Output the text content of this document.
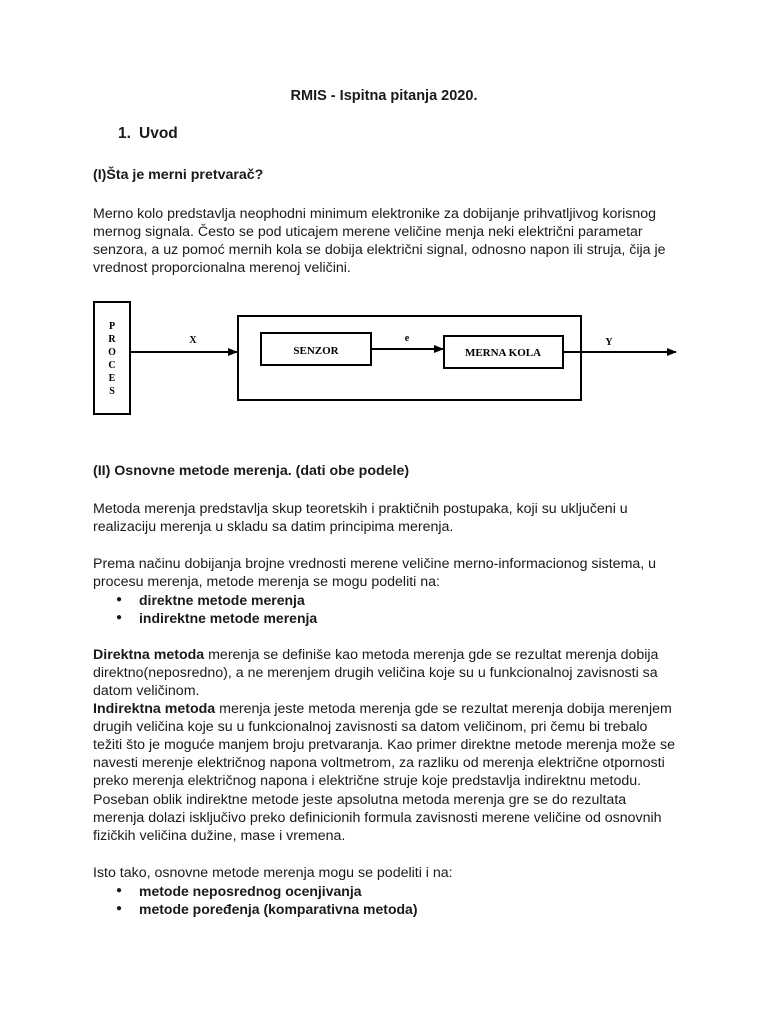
RMIS - Ispitna pitanja 2020.
1. Uvod
(I)Šta je merni pretvarač?
Merno kolo predstavlja neophodni minimum elektronike za dobijanje prihvatljivog korisnog
mernog signala. Često se pod uticajem merene veličine menja neki električni parametar
senzora, a uz pomoć mernih kola se dobija električni signal, odnosno napon ili struja, čija je
vrednost proporcionalna merenoj veličini.
P
R
O
C
E
S
X
SENZOR
e
MERNA KOLA
Y
(II) Osnovne metode merenja. (dati obe podele)
Metoda merenja predstavlja skup teoretskih i praktičnih postupaka, koji su uključeni u
realizaciju merenja u skladu sa datim principima merenja.
Prema načinu dobijanja brojne vrednosti merene veličine merno-informacionog sistema, u
procesu merenja, metode merenja se mogu podeliti na:
● direktne metode merenja
● indirektne metode merenja
Direktna metoda merenja se definiše kao metoda merenja gde se rezultat merenja dobija
direktno(neposredno), a ne merenjem drugih veličina koje su u funkcionalnoj zavisnosti sa
datom veličinom.
Indirektna metoda merenja jeste metoda merenja gde se rezultat merenja dobija merenjem
drugih veličina koje su u funkcionalnoj zavisnosti sa datom veličinom, pri čemu bi trebalo
težiti što je moguće manjem broju pretvaranja. Kao primer direktne metode merenja može se
navesti merenje električnog napona voltmetrom, za razliku od merenja električne otpornosti
preko merenja električnog napona i električne struje koje predstavlja indirektnu metodu.
Poseban oblik indirektne metode jeste apsolutna metoda merenja gre se do rezultata
merenja dolazi isključivo preko definicionih formula zavisnosti merene veličine od osnovnih
fizičkih veličina dužine, mase i vremena.
Isto tako, osnovne metode merenja mogu se podeliti i na:
● metode neposrednog ocenjivanja
● metode poređenja (komparativna metoda)
